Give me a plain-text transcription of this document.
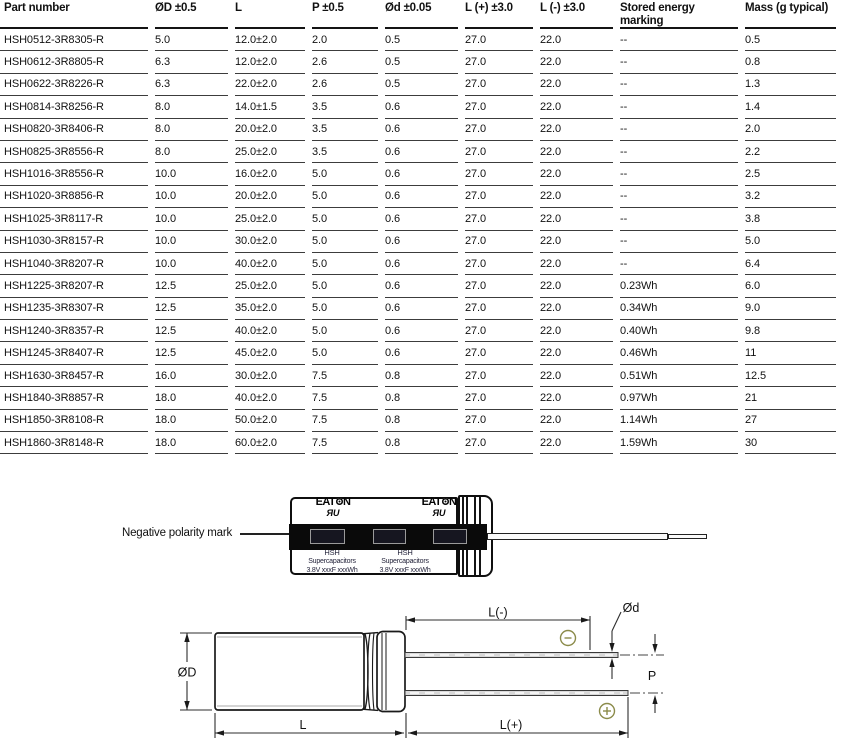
Part number	ØD ±0.5	L	P ±0.5	Ød ±0.05	L (+) ±3.0	L (-) ±3.0	Stored energy marking	Mass (g typical)
HSH0512-3R8305-R	5.0	12.0±2.0	2.0	0.5	27.0	22.0	--	0.5
HSH0612-3R8805-R	6.3	12.0±2.0	2.6	0.5	27.0	22.0	--	0.8
HSH0622-3R8226-R	6.3	22.0±2.0	2.6	0.5	27.0	22.0	--	1.3
HSH0814-3R8256-R	8.0	14.0±1.5	3.5	0.6	27.0	22.0	--	1.4
HSH0820-3R8406-R	8.0	20.0±2.0	3.5	0.6	27.0	22.0	--	2.0
HSH0825-3R8556-R	8.0	25.0±2.0	3.5	0.6	27.0	22.0	--	2.2
HSH1016-3R8556-R	10.0	16.0±2.0	5.0	0.6	27.0	22.0	--	2.5
HSH1020-3R8856-R	10.0	20.0±2.0	5.0	0.6	27.0	22.0	--	3.2
HSH1025-3R8117-R	10.0	25.0±2.0	5.0	0.6	27.0	22.0	--	3.8
HSH1030-3R8157-R	10.0	30.0±2.0	5.0	0.6	27.0	22.0	--	5.0
HSH1040-3R8207-R	10.0	40.0±2.0	5.0	0.6	27.0	22.0	--	6.4
HSH1225-3R8207-R	12.5	25.0±2.0	5.0	0.6	27.0	22.0	0.23Wh	6.0
HSH1235-3R8307-R	12.5	35.0±2.0	5.0	0.6	27.0	22.0	0.34Wh	9.0
HSH1240-3R8357-R	12.5	40.0±2.0	5.0	0.6	27.0	22.0	0.40Wh	9.8
HSH1245-3R8407-R	12.5	45.0±2.0	5.0	0.6	27.0	22.0	0.46Wh	11
HSH1630-3R8457-R	16.0	30.0±2.0	7.5	0.8	27.0	22.0	0.51Wh	12.5
HSH1840-3R8857-R	18.0	40.0±2.0	7.5	0.8	27.0	22.0	0.97Wh	21
HSH1850-3R8108-R	18.0	50.0±2.0	7.5	0.8	27.0	22.0	1.14Wh	27
HSH1860-3R8148-R	18.0	60.0±2.0	7.5	0.8	27.0	22.0	1.59Wh	30
Negative polarity mark
EAT N
ЯU
EAT N
ЯU
HSH
Supercapacitors
3.8V xxxF xxxWh
HSH
Supercapacitors
3.8V xxxF xxxWh
ØD
L	L(+)
L(-)	Ød
P
